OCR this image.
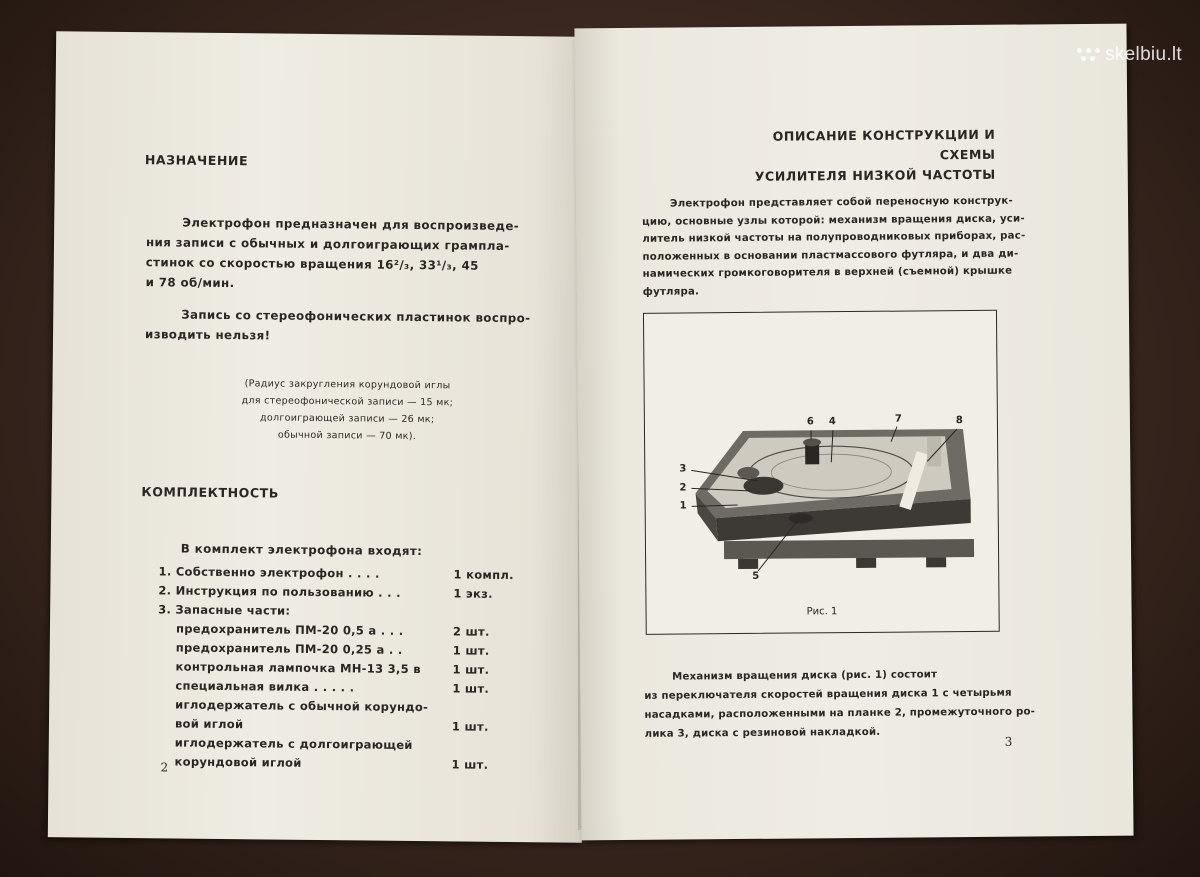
НАЗНАЧЕНИЕ
Электрофон предназначен для воспроизведе-
ния записи с обычных и долгоиграющих грампла-
стинок со скоростью вращения 16²/₃, 33¹/₃, 45
и 78 об/мин.
Запись со стереофонических пластинок воспро-
изводить нельзя!
(Радиус закругления корундовой иглы
для стереофонической записи — 15 мк;
долгоиграющей записи — 26 мк;
обычной записи — 70 мк).
КОМПЛЕКТНОСТЬ
В комплект электрофона входят:
1. Собственно электрофон . . . .	1 компл.
2. Инструкция по пользованию . . .	1 экз.
3. Запасные части:
предохранитель ПМ-20 0,5 а . . .	2 шт.
предохранитель ПМ-20 0,25 а . .	1 шт.
контрольная лампочка МН-13 3,5 в	1 шт.
специальная вилка . . . . .	1 шт.
иглодержатель с обычной корундо-
вой иглой	1 шт.
иглодержатель с долгоиграющей
корундовой иглой	1 шт.
2
ОПИСАНИЕ КОНСТРУКЦИИ И СХЕМЫ
УСИЛИТЕЛЯ НИЗКОЙ ЧАСТОТЫ
Электрофон представляет собой переносную конструк-
цию, основные узлы которой: механизм вращения диска, уси-
литель низкой частоты на полупроводниковых приборах, рас-
положенных в основании пластмассового футляра, и два ди-
намических громкоговорителя в верхней (съемной) крышке
футляра.
1
2
3
4
5
6	7	8
Рис. 1
Механизм вращения диска (рис. 1) состоит
из переключателя скоростей вращения диска 1 с четырьмя
насадками, расположенными на планке 2, промежуточного ро-
лика 3, диска с резиновой накладкой.
3
skelbiu.lt
